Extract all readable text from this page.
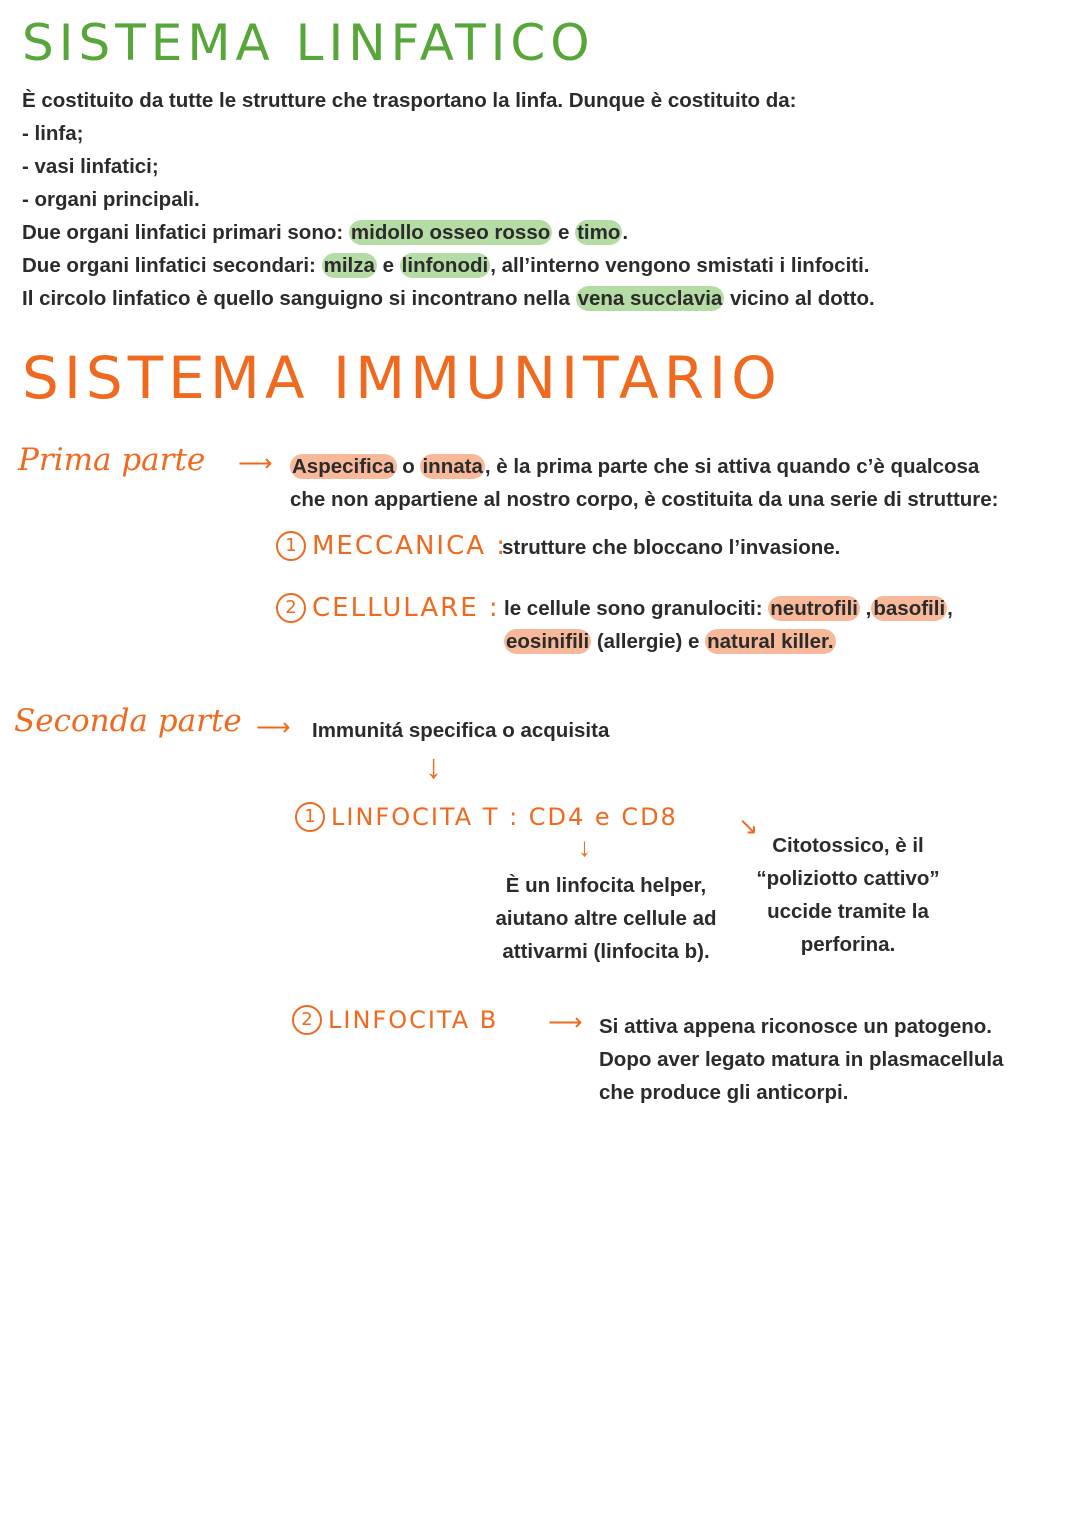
SISTEMA LINFATICO
È costituito da tutte le strutture che trasportano la linfa. Dunque è costituito da:
- linfa;
- vasi linfatici;
- organi principali.
Due organi linfatici primari sono: midollo osseo rosso e timo.
Due organi linfatici secondari: milza e linfonodi, all’interno vengono smistati i linfociti.
Il circolo linfatico è quello sanguigno si incontrano nella vena succlavia vicino al dotto.
SISTEMA IMMUNITARIO
Prima parte ⟶ Aspecifica o innata, è la prima parte che si attiva quando c’è qualcosa
che non appartiene al nostro corpo, è costituita da una serie di strutture:
1 MECCANICA :
strutture che bloccano l’invasione.
2 CELLULARE : le cellule sono granulociti: neutrofili ,basofili,
eosinifili (allergie) e natural killer.
Seconda parte ⟶ Immunitá specifica o acquisita
↓
1 LINFOCITA T : CD4 e CD8	↘
↓
È un linfocita helper,
aiutano altre cellule ad
attivarmi (linfocita b).
Citotossico, è il
“poliziotto cattivo”
uccide tramite la
perforina.
2 LINFOCITA B ⟶ Si attiva appena riconosce un patogeno.
Dopo aver legato matura in plasmacellula
che produce gli anticorpi.
